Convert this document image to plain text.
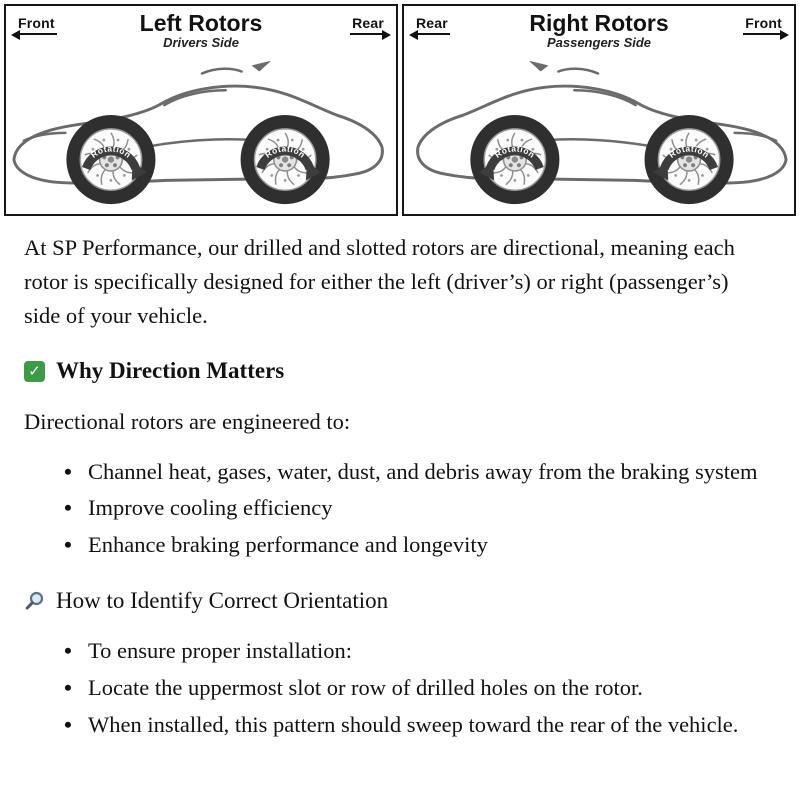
Front	Left Rotors
Drivers Side
Rear Rear	Right Rotors
Passengers Side
Front

At SP Performance, our drilled and slotted rotors are directional, meaning each rotor is specifically designed for either the left (driver’s) or right (passenger’s) side of your vehicle.

✓ Why Direction Matters

Directional rotors are engineered to:

• Channel heat, gases, water, dust, and debris away from the braking system
• Improve cooling efficiency
• Enhance braking performance and longevity
How to Identify Correct Orientation
• To ensure proper installation:
• Locate the uppermost slot or row of drilled holes on the rotor.
• When installed, this pattern should sweep toward the rear of the vehicle.
